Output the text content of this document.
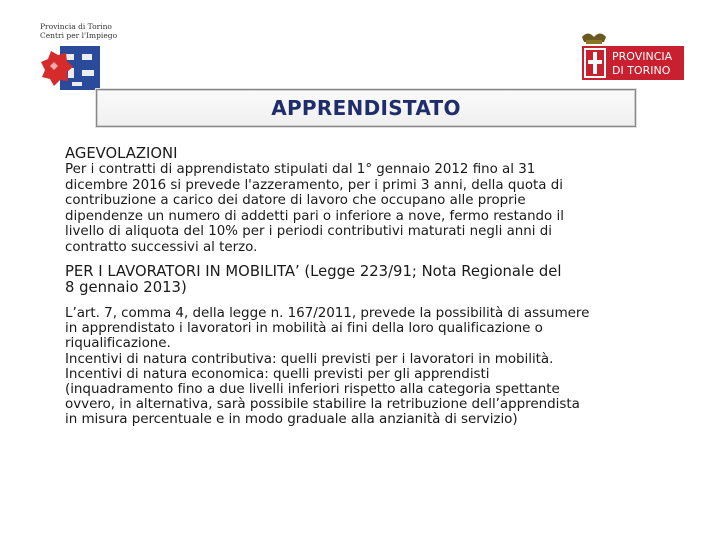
Provincia di Torino
Centri per l'Impiego
PROVINCIA
DI TORINO
APPRENDISTATO

AGEVOLAZIONI

Per i contratti di apprendistato stipulati dal 1° gennaio 2012 fino al 31

dicembre 2016 si prevede l'azzeramento, per i primi 3 anni, della quota di

contribuzione a carico dei datore di lavoro che occupano alle proprie

dipendenze un numero di addetti pari o inferiore a nove, fermo restando il

livello di aliquota del 10% per i periodi contributivi maturati negli anni di

contratto successivi al terzo.

PER I LAVORATORI IN MOBILITA’ (Legge 223/91; Nota Regionale del

8 gennaio 2013)

L’art. 7, comma 4, della legge n. 167/2011, prevede la possibilità di assumere

in apprendistato i lavoratori in mobilità ai fini della loro qualificazione o

riqualificazione.

Incentivi di natura contributiva: quelli previsti per i lavoratori in mobilità.

Incentivi di natura economica: quelli previsti per gli apprendisti

(inquadramento fino a due livelli inferiori rispetto alla categoria spettante

ovvero, in alternativa, sarà possibile stabilire la retribuzione dell’apprendista

in misura percentuale e in modo graduale alla anzianità di servizio)
